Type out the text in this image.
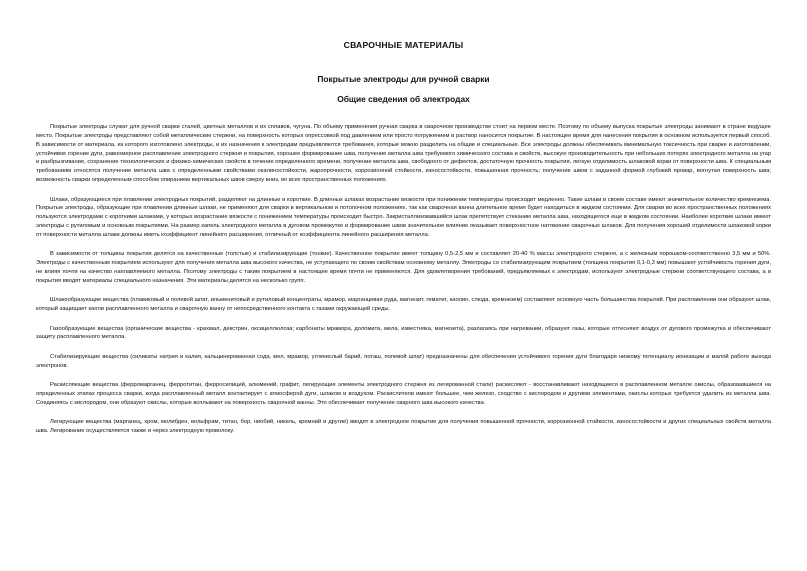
СВАРОЧНЫЕ МАТЕРИАЛЫ
Покрытые электроды для ручной сварки
Общие сведения об электродах

Покрытые электроды служат для ручной сварки сталей, цветных металлов и их сплавов, чугуна. По объему применения ручная сварка в сварочном производстве стоит на первом месте. Поэтому по объему выпуска покрытые электроды занимают в стране ведущее место. Покрытые электроды представляют собой металлические стержни, на поверхность которых опрессовкой под давлением или просто погружением в раствор наносится покрытие. В настоящее время для нанесения покрытия в основном используется первый способ. В зависимости от материала, из которого изготовлено электроды, и их назначения к электродам предъявляются требования, которые можно разделить на общие и специальные. Все электроды должны обеспечивать минимальную токсичность при сварке и изготовлении, устойчивое горение дуги, равномерное расплавление электродного стержня и покрытия, хорошее формирование шва, получение металла шва требуемого химического состава и свойств, высокую производительность при небольших потерях электродного металла на угар и разбрызгивание, сохранение технологических и физико-химических свойств в течение определенного времени, получение металла шва, свободного от дефектов, достаточную прочность покрытия, легкую отделимость шлаковой корки от поверхности шва. К специальным требованиям относятся получение металла шва с определенными свойствами окалиностойкости, жаропрочности, коррозионной стойкости, износостойкости, повышенная прочность; получение швов с заданной формой глубокий провар, вогнутая поверхность шва; возможность сварки определенным способом опиранием вертикальных швов сверху вниз, во всех пространственных положениях.

Шлаки, образующиеся при плавлении электродных покрытий, разделяют на длинные и короткие. В длинных шлаках возрастание вязкости при понижении температуры происходит медленно. Такие шлаки в своем составе имеют значительное количество кремнезема. Покрытые электроды, образующие при плавлении длинные шлаки, не применяют для сварки в вертикальном и потолочном положениях, так как сварочная ванна длительное время будет находиться в жидком состоянии. Для сварки во всех пространственных положениях пользуются электродами с короткими шлаками, у которых возрастание вязкости с понижением температуры происходит быстро. Закристаллизовавшийся шлак препятствует стеканию металла шва, находящегося еще в жидком состоянии. Наиболее короткие шлаки имеют электроды с рутиловым и основным покрытиями. На размер капель электродного металла в дуговом промежутке и формирование швов значительное влияние оказывает поверхностное натяжение сварочных шлаков. Для получения хорошей отделимости шлаковой корки от поверхности металла шлаки должны иметь коэффициент линейного расширения, отличный от коэффициента линейного расширения металла.

В зависимости от толщины покрытия делятся на качественные (толстые) и стабилизирующие (тонкие). Качественное покрытие имеет толщину 0,5-2,5 мм и составляет 20-40 % массы электродного стержня, а с железным порошком-соответственно 3,5 мм и 50%. Электроды с качественным покрытием используют для получения металла шва высокого качества, не уступающего по своим свойствам основному металлу. Электроды со стабилизирующим покрытием (толщина покрытия 0,1-0,3 мм) повышают устойчивость горения дуги, не влияя почти на качество наплавляемого металла. Поэтому электроды с таким покрытием в настоящее время почти не применяются. Для удовлетворения требований, предъявляемых к электродам, используют электродные стержни соответствующего состава, а в покрытия вводят материалы специального назначения. Эти материалы делятся на несколько групп.

Шлакообразующие вещества (плавиковый и полевой шпат, ильменитовый и рутиловый концентраты, мрамор, марганцевая руда, магнезит, гематит, каолин, слюда, кремнезем) составляют основную часть большинства покрытий. При расплавлении они образуют шлак, который защищает капли расплавленного металла и сварочную ванну от непосредственного контакта с газами окружающей среды.

Газообразующие вещества (органические вещества - крахмал, декстрин, оксицеллюлоза; карбонаты мрамора, доломита, мела, известняка, магнезита), разлагаясь при нагревании, образуют газы, которые оттесняют воздух от дугового промежутка и обеспечивают защиту расплавленного металла.

Стабилизирующие вещества (силикаты натрия и калия, кальцинированная сода, мел, мрамор, углекислый барий, поташ, полевой шпат) предназначены для обеспечения устойчивого горения дуги благодаря низкому потенциалу ионизации и малой работе выхода электронов.

Раскисляющие вещества (ферромарганец, ферротитан, ферросилиций, алюминий, графит, легирующие элементы электродного стержня из легированной стали) раскисляют - восстанавливают находящиеся в расплавленном металле окислы, образовавшиеся на определенных этапах процесса сварки, когда расплавленный металл контактирует с атмосферой дуги, шлаком и воздухом. Раскислители имеют большее, чем железо, сходство с кислородом и другими элементами, окислы которых требуется удалить из металла шва. Соединяясь с кислородом, они образуют окислы, которые всплывают на поверхность сварочной ванны. Это обеспечивает получение сварного шва высокого качества.

Легирующие вещества (марганец, хром, молибден, вольфрам, титан, бор, ниобий, никель, кремний и другие) вводят в электродное покрытие для получения повышенной прочности, коррозионной стойкости, износостойкости и других специальных свойств металла шва. Легирование осуществляется также и через электродную проволоку.
